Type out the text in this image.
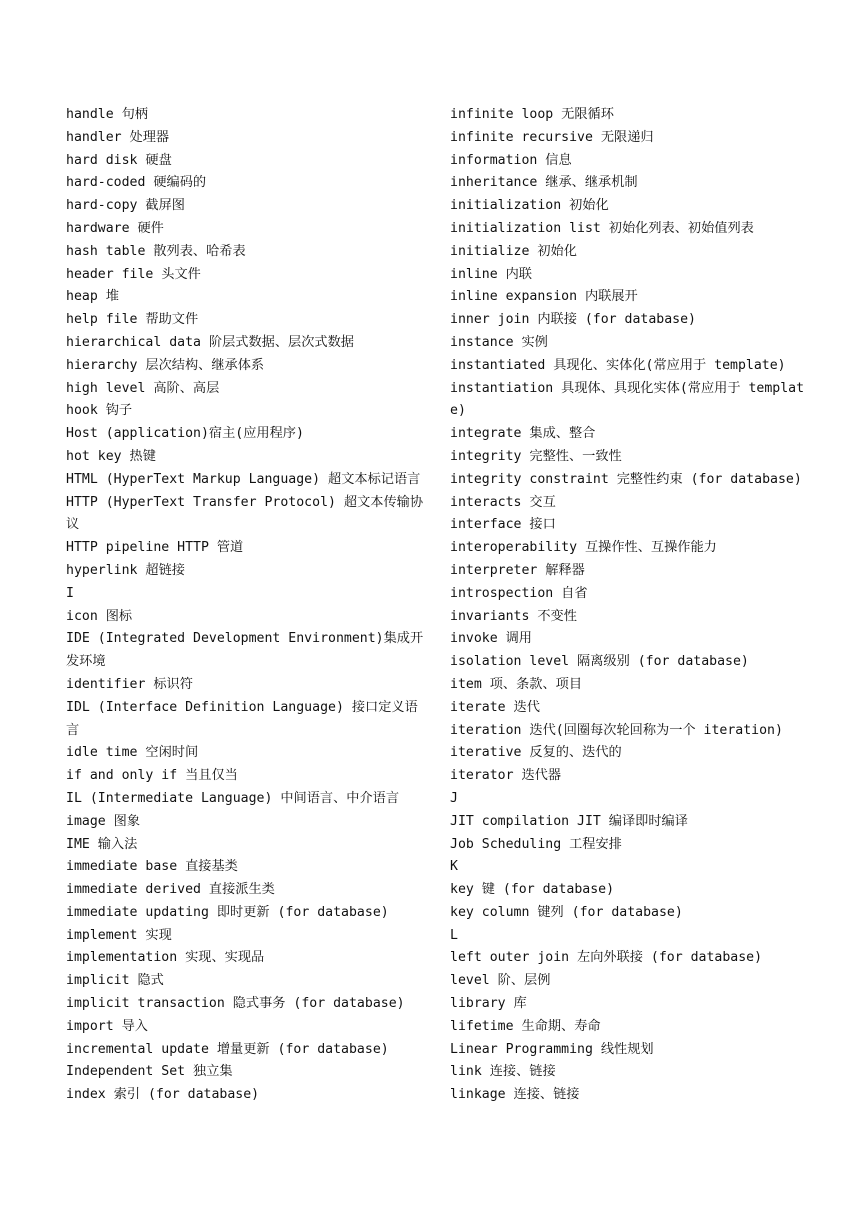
handle 句柄
handler 处理器
hard disk 硬盘
hard-coded 硬编码的
hard-copy 截屏图
hardware 硬件
hash table 散列表、哈希表
header file 头文件
heap 堆
help file 帮助文件
hierarchical data 阶层式数据、层次式数据
hierarchy 层次结构、继承体系
high level 高阶、高层
hook 钩子
Host (application)宿主(应用程序)
hot key 热键
HTML (HyperText Markup Language) 超文本标记语言
HTTP (HyperText Transfer Protocol) 超文本传输协议
HTTP pipeline HTTP 管道
hyperlink 超链接
I
icon 图标
IDE (Integrated Development Environment)集成开发环境
identifier 标识符
IDL (Interface Definition Language) 接口定义语言
idle time 空闲时间
if and only if 当且仅当
IL (Intermediate Language) 中间语言、中介语言
image 图象
IME 输入法
immediate base 直接基类
immediate derived 直接派生类
immediate updating 即时更新 (for database)
implement 实现
implementation 实现、实现品
implicit 隐式
implicit transaction 隐式事务 (for database)
import 导入
incremental update 增量更新 (for database)
Independent Set 独立集
index 索引 (for database)
infinite loop 无限循环
infinite recursive 无限递归
information 信息
inheritance 继承、继承机制
initialization 初始化
initialization list 初始化列表、初始值列表
initialize 初始化
inline 内联
inline expansion 内联展开
inner join 内联接 (for database)
instance 实例
instantiated 具现化、实体化(常应用于 template)
instantiation 具现体、具现化实体(常应用于 template)
integrate 集成、整合
integrity 完整性、一致性
integrity constraint 完整性约束 (for database)
interacts 交互
interface 接口
interoperability 互操作性、互操作能力
interpreter 解释器
introspection 自省
invariants 不变性
invoke 调用
isolation level 隔离级别 (for database)
item 项、条款、项目
iterate 迭代
iteration 迭代(回圈每次轮回称为一个 iteration)
iterative 反复的、迭代的
iterator 迭代器
J
JIT compilation JIT 编译即时编译
Job Scheduling 工程安排
K
key 键 (for database)
key column 键列 (for database)
L
left outer join 左向外联接 (for database)
level 阶、层例
library 库
lifetime 生命期、寿命
Linear Programming 线性规划
link 连接、链接
linkage 连接、链接
